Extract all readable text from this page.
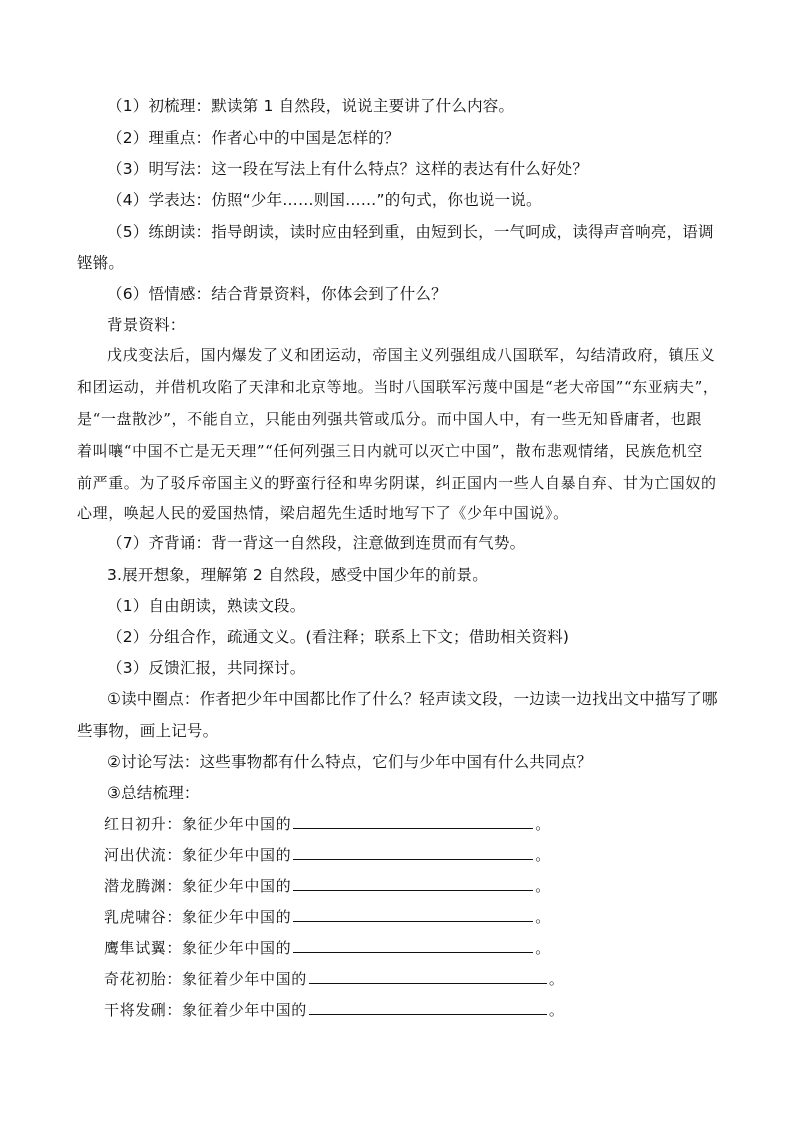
（1）初梳理：默读第 1 自然段，说说主要讲了什么内容。
（2）理重点：作者心中的中国是怎样的？
（3）明写法：这一段在写法上有什么特点？这样的表达有什么好处？
（4）学表达：仿照“少年……则国……”的句式，你也说一说。
（5）练朗读：指导朗读，读时应由轻到重，由短到长，一气呵成，读得声音响亮，语调
铿锵。
（6）悟情感：结合背景资料，你体会到了什么？
背景资料：
戊戌变法后，国内爆发了义和团运动，帝国主义列强组成八国联军，勾结清政府，镇压义
和团运动，并借机攻陷了天津和北京等地。当时八国联军污蔑中国是“老大帝国”“东亚病夫”，
是“一盘散沙”，不能自立，只能由列强共管或瓜分。而中国人中，有一些无知昏庸者，也跟
着叫嚷“中国不亡是无天理”“任何列强三日内就可以灭亡中国”，散布悲观情绪，民族危机空
前严重。为了驳斥帝国主义的野蛮行径和卑劣阴谋，纠正国内一些人自暴自弃、甘为亡国奴的
心理，唤起人民的爱国热情，梁启超先生适时地写下了《少年中国说》。
（7）齐背诵：背一背这一自然段，注意做到连贯而有气势。
3.展开想象，理解第 2 自然段，感受中国少年的前景。
（1）自由朗读，熟读文段。
（2）分组合作，疏通文义。(看注释；联系上下文；借助相关资料)
（3）反馈汇报，共同探讨。
①读中圈点：作者把少年中国都比作了什么？轻声读文段，一边读一边找出文中描写了哪
些事物，画上记号。
②讨论写法：这些事物都有什么特点，它们与少年中国有什么共同点？
③总结梳理：
红日初升：象征少年中国的	。
河出伏流：象征少年中国的	。
潜龙腾渊：象征少年中国的	。
乳虎啸谷：象征少年中国的	。
鹰隼试翼：象征少年中国的	。
奇花初胎：象征着少年中国的	。
干将发硎：象征着少年中国的	。
